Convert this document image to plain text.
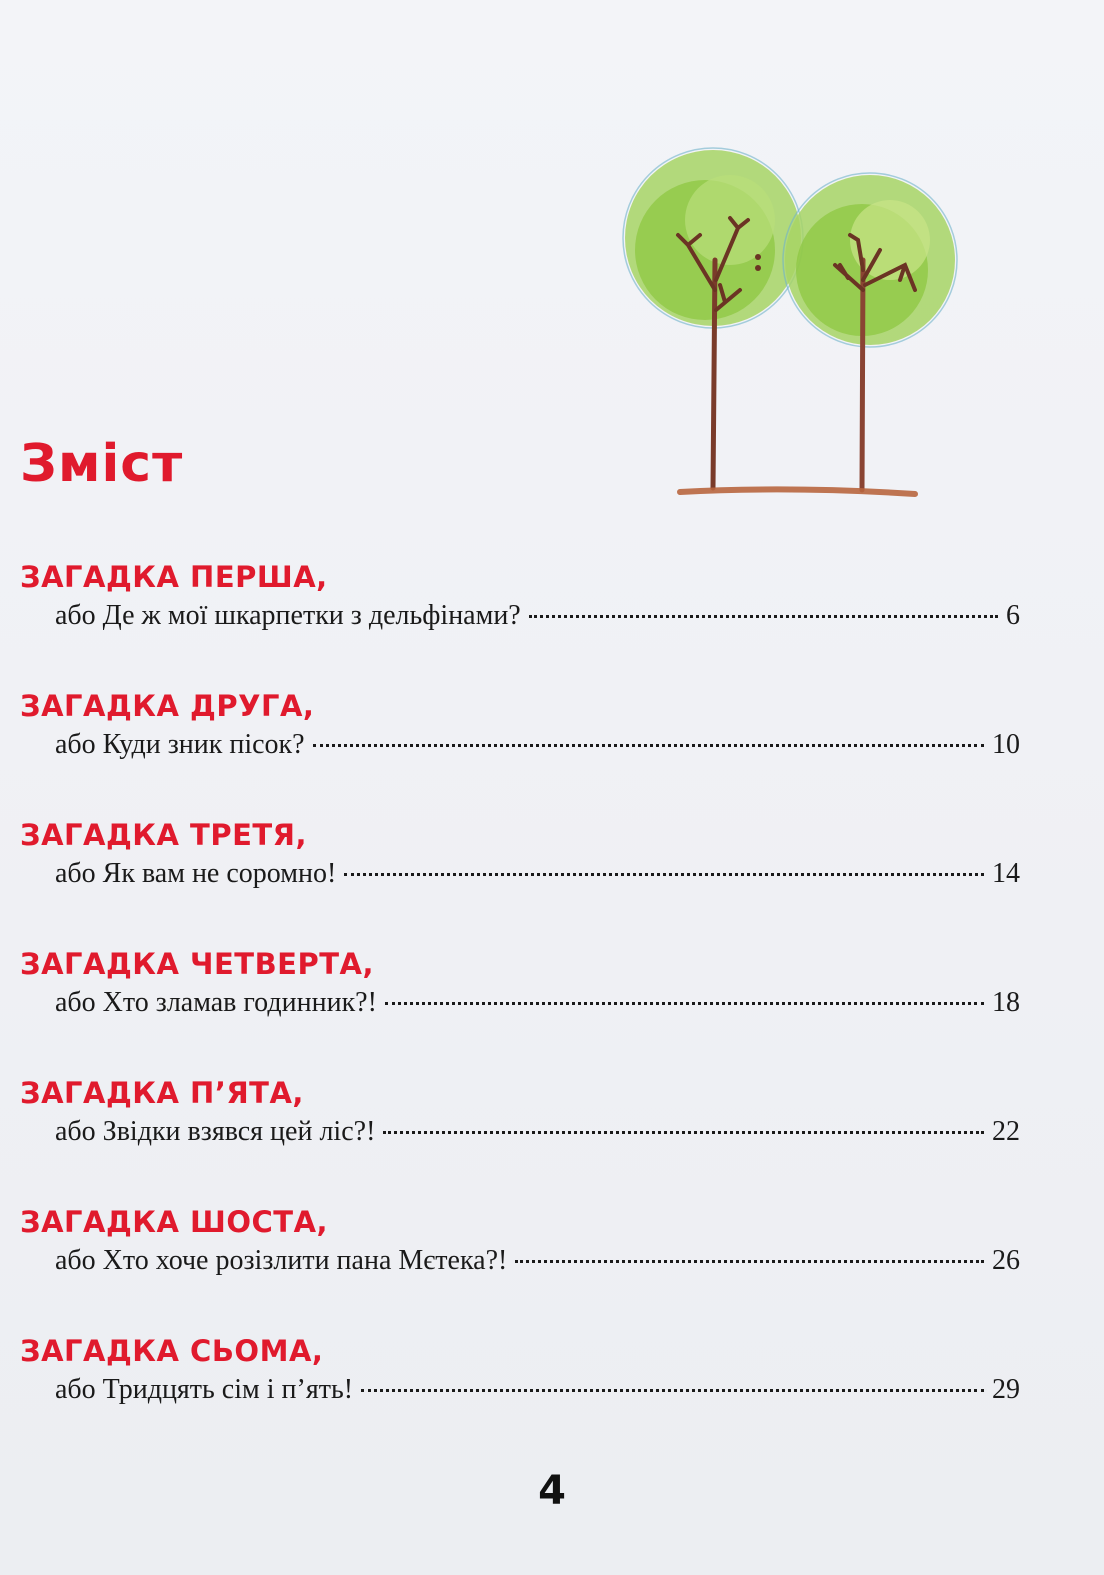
Зміст
ЗАГАДКА ПЕРША,
або Де ж мої шкарпетки з дельфінами?	6
ЗАГАДКА ДРУГА,
або Куди зник пісок?	10
ЗАГАДКА ТРЕТЯ,
або Як вам не соромно!	14
ЗАГАДКА ЧЕТВЕРТА,
або Хто зламав годинник?!	18
ЗАГАДКА П’ЯТА,
або Звідки взявся цей ліс?!	22
ЗАГАДКА ШОСТА,
або Хто хоче розізлити пана Мєтека?!	26
ЗАГАДКА СЬОМА,
або Тридцять сім і п’ять!	29
4
